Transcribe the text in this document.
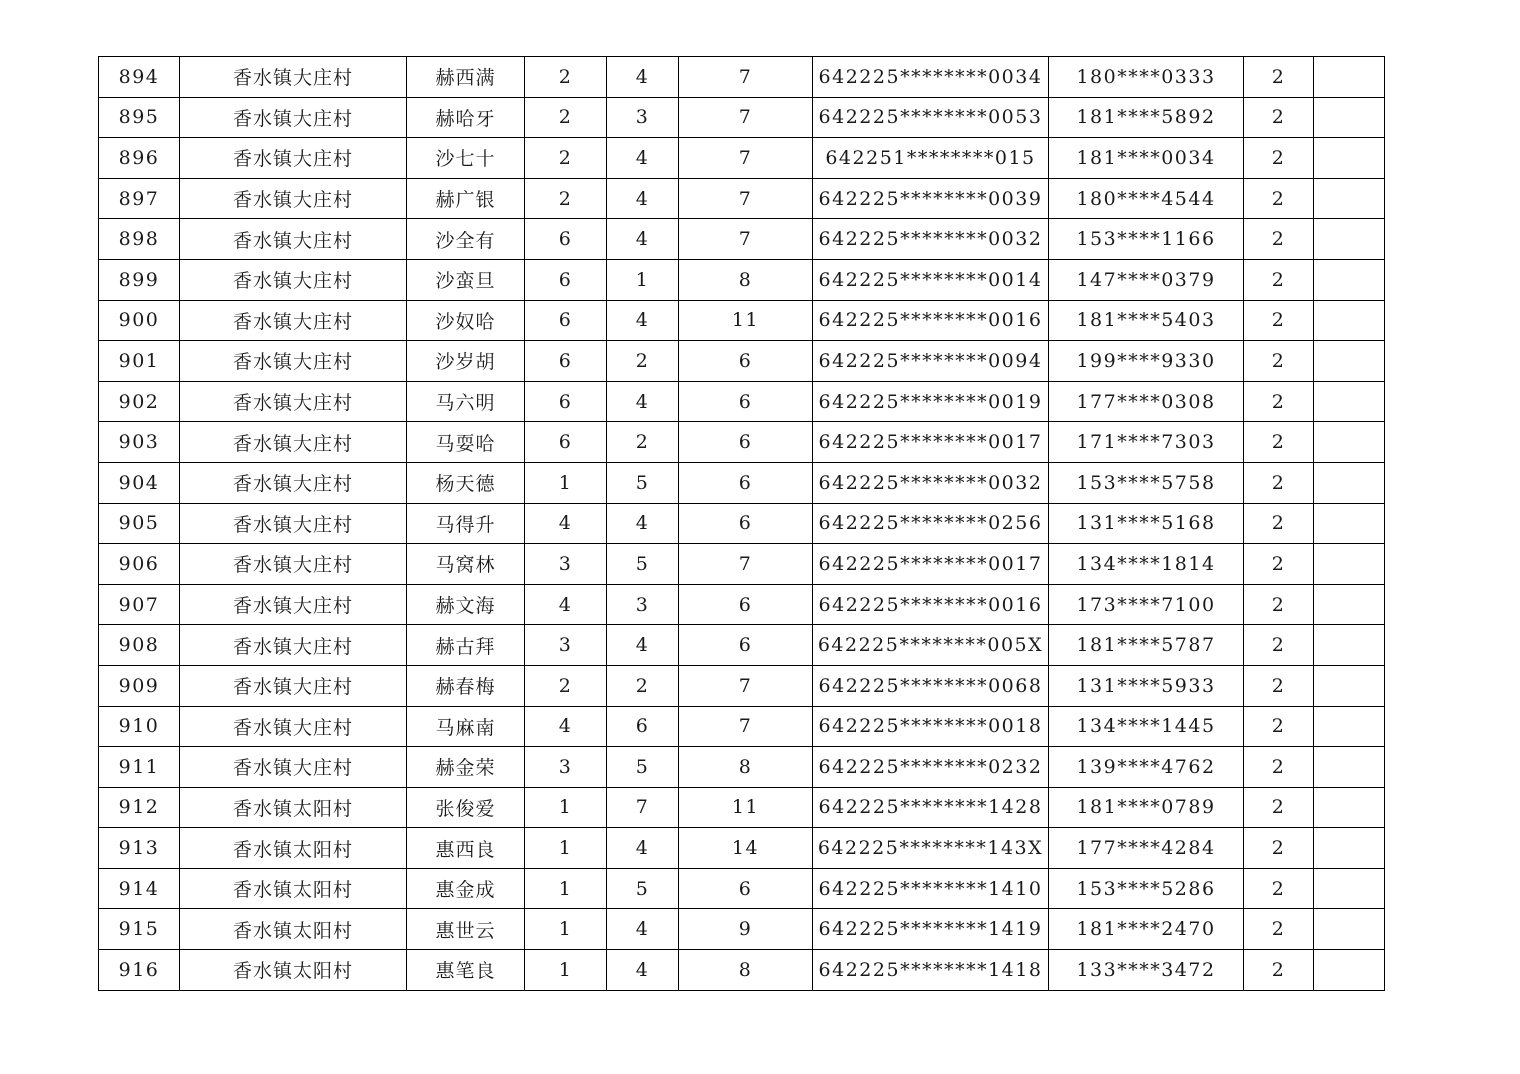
894	香水镇大庄村	赫西满	2	4	7	642225********0034	180****0333	2	
895	香水镇大庄村	赫哈牙	2	3	7	642225********0053	181****5892	2	
896	香水镇大庄村	沙七十	2	4	7	642251********015	181****0034	2	
897	香水镇大庄村	赫广银	2	4	7	642225********0039	180****4544	2	
898	香水镇大庄村	沙全有	6	4	7	642225********0032	153****1166	2	
899	香水镇大庄村	沙蛮旦	6	1	8	642225********0014	147****0379	2	
900	香水镇大庄村	沙奴哈	6	4	11	642225********0016	181****5403	2	
901	香水镇大庄村	沙岁胡	6	2	6	642225********0094	199****9330	2	
902	香水镇大庄村	马六明	6	4	6	642225********0019	177****0308	2	
903	香水镇大庄村	马耍哈	6	2	6	642225********0017	171****7303	2	
904	香水镇大庄村	杨天德	1	5	6	642225********0032	153****5758	2	
905	香水镇大庄村	马得升	4	4	6	642225********0256	131****5168	2	
906	香水镇大庄村	马窝林	3	5	7	642225********0017	134****1814	2	
907	香水镇大庄村	赫文海	4	3	6	642225********0016	173****7100	2	
908	香水镇大庄村	赫古拜	3	4	6	642225********005X	181****5787	2	
909	香水镇大庄村	赫春梅	2	2	7	642225********0068	131****5933	2	
910	香水镇大庄村	马麻南	4	6	7	642225********0018	134****1445	2	
911	香水镇大庄村	赫金荣	3	5	8	642225********0232	139****4762	2	
912	香水镇太阳村	张俊爱	1	7	11	642225********1428	181****0789	2	
913	香水镇太阳村	惠西良	1	4	14	642225********143X	177****4284	2	
914	香水镇太阳村	惠金成	1	5	6	642225********1410	153****5286	2	
915	香水镇太阳村	惠世云	1	4	9	642225********1419	181****2470	2	
916	香水镇太阳村	惠笔良	1	4	8	642225********1418	133****3472	2	
